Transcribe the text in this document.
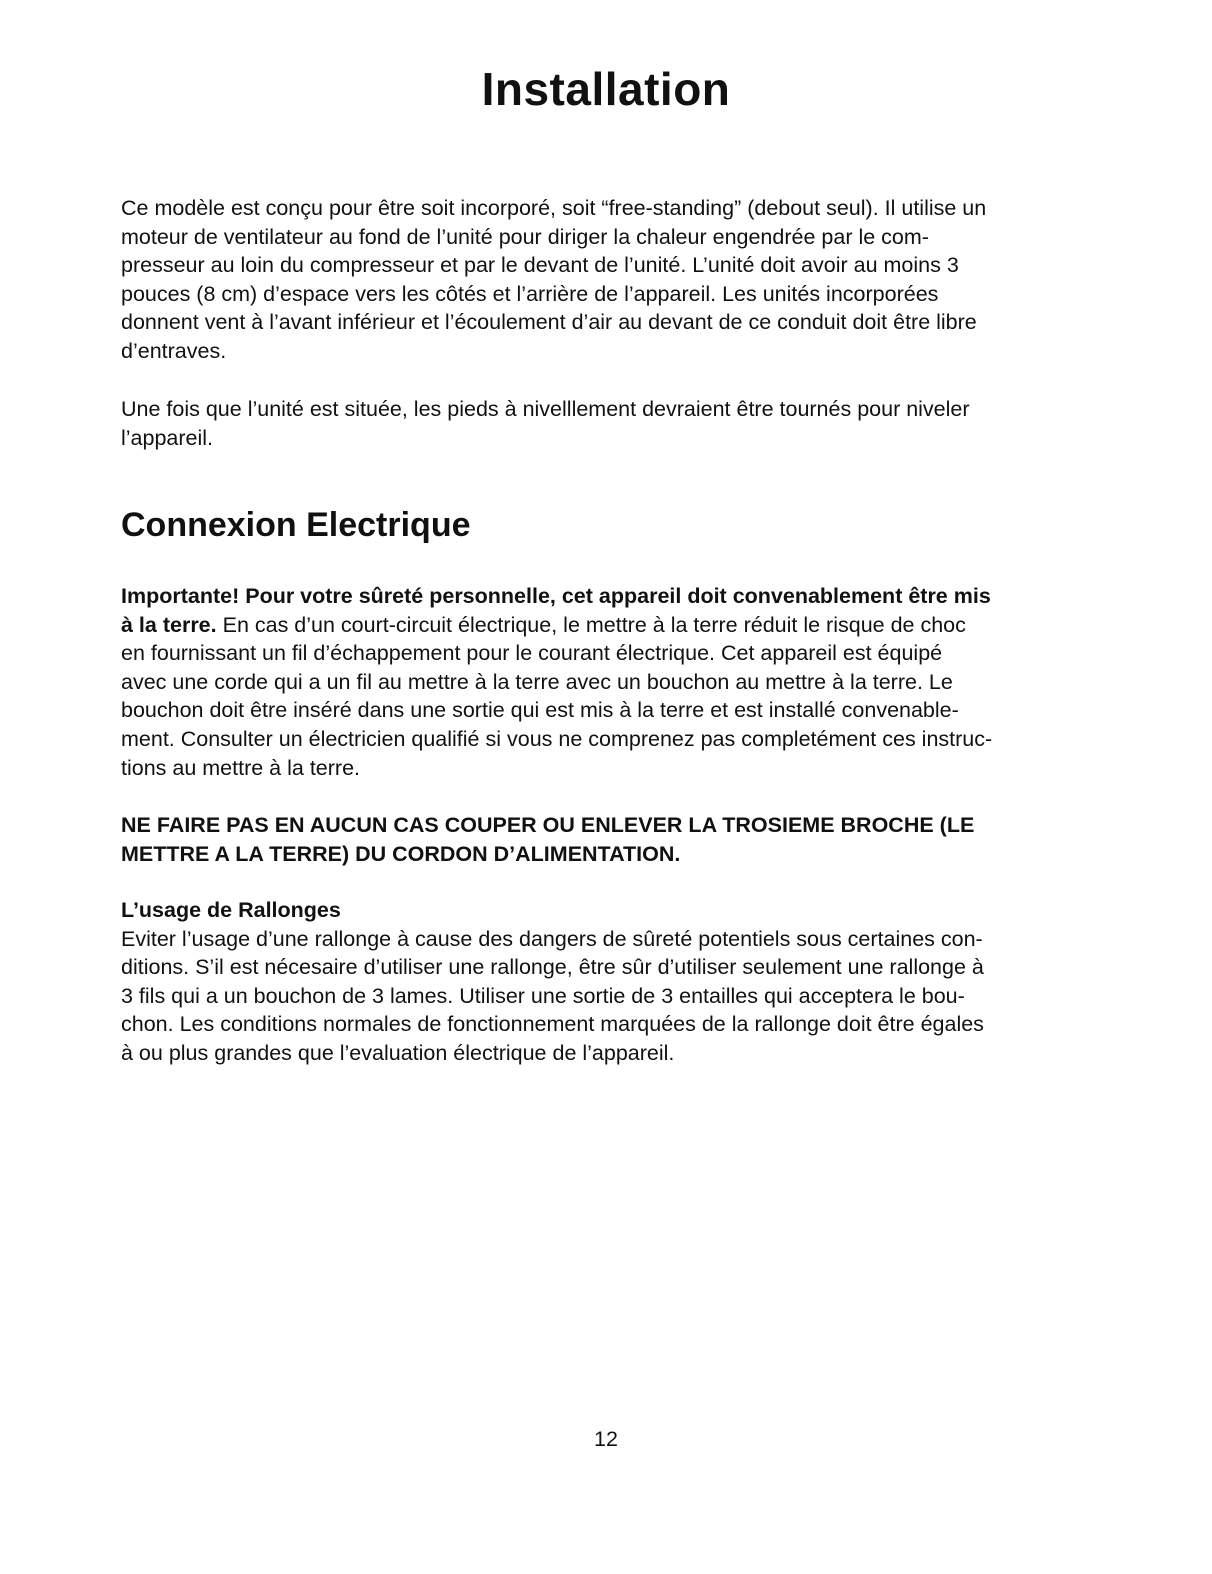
Installation

Ce modèle est conçu pour être soit incorporé, soit “free-standing” (debout seul). Il utilise un
moteur de ventilateur au fond de l’unité pour diriger la chaleur engendrée par le com-
presseur au loin du compresseur et par le devant de l’unité. L’unité doit avoir au moins 3
pouces (8 cm) d’espace vers les côtés et l’arrière de l’appareil. Les unités incorporées
donnent vent à l’avant inférieur et l’écoulement d’air au devant de ce conduit doit être libre
d’entraves.

Une fois que l’unité est située, les pieds à nivelllement devraient être tournés pour niveler
l’appareil.

Connexion Electrique

Importante! Pour votre sûreté personnelle, cet appareil doit convenablement être mis
à la terre. En cas d’un court-circuit électrique, le mettre à la terre réduit le risque de choc
en fournissant un fil d’échappement pour le courant électrique. Cet appareil est équipé
avec une corde qui a un fil au mettre à la terre avec un bouchon au mettre à la terre. Le
bouchon doit être inséré dans une sortie qui est mis à la terre et est installé convenable-
ment. Consulter un électricien qualifié si vous ne comprenez pas completément ces instruc-
tions au mettre à la terre.

NE FAIRE PAS EN AUCUN CAS COUPER OU ENLEVER LA TROSIEME BROCHE (LE
METTRE A LA TERRE) DU CORDON D’ALIMENTATION.

L’usage de Rallonges
Eviter l’usage d’une rallonge à cause des dangers de sûreté potentiels sous certaines con-
ditions. S’il est nécesaire d’utiliser une rallonge, être sûr d’utiliser seulement une rallonge à
3 fils qui a un bouchon de 3 lames. Utiliser une sortie de 3 entailles qui acceptera le bou-
chon. Les conditions normales de fonctionnement marquées de la rallonge doit être égales
à ou plus grandes que l’evaluation électrique de l’appareil.

12
